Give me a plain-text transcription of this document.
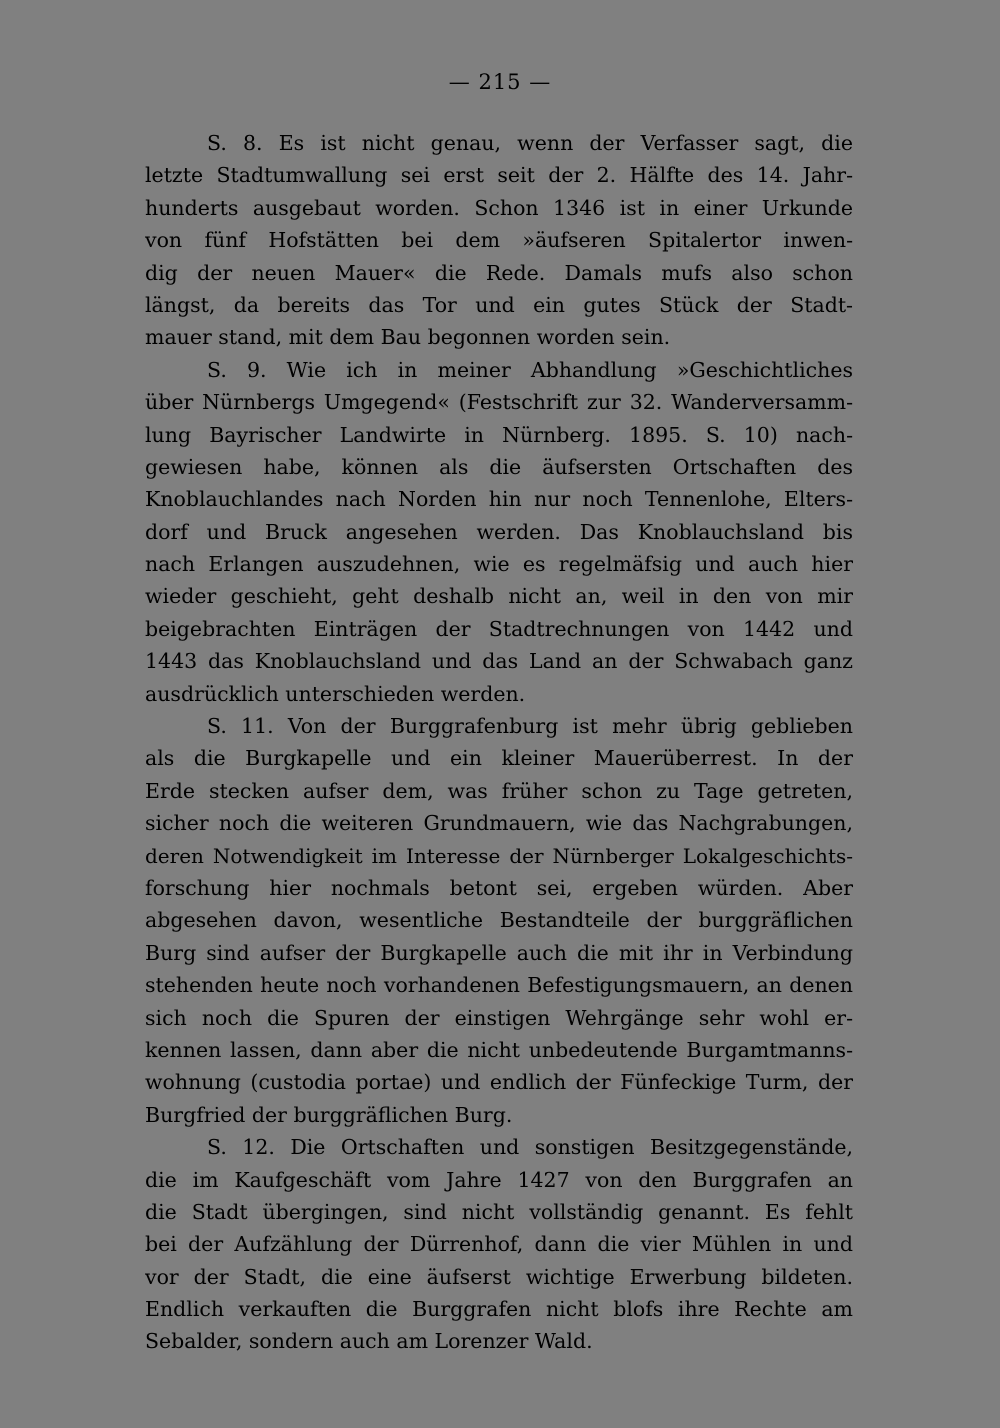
— 215 —
S. 8. Es ist nicht genau, wenn der Verfasser sagt, die
letzte Stadtumwallung sei erst seit der 2. Hälfte des 14. Jahr-
hunderts ausgebaut worden. Schon 1346 ist in einer Urkunde
von fünf Hofstätten bei dem »äufseren Spitalertor inwen-
dig der neuen Mauer« die Rede. Damals mufs also schon
längst, da bereits das Tor und ein gutes Stück der Stadt-
mauer stand, mit dem Bau begonnen worden sein.
S. 9. Wie ich in meiner Abhandlung »Geschichtliches
über Nürnbergs Umgegend« (Festschrift zur 32. Wanderversamm-
lung Bayrischer Landwirte in Nürnberg. 1895. S. 10) nach-
gewiesen habe, können als die äufsersten Ortschaften des
Knoblauchlandes nach Norden hin nur noch Tennenlohe, Elters-
dorf und Bruck angesehen werden. Das Knoblauchsland bis
nach Erlangen auszudehnen, wie es regelmäfsig und auch hier
wieder geschieht, geht deshalb nicht an, weil in den von mir
beigebrachten Einträgen der Stadtrechnungen von 1442 und
1443 das Knoblauchsland und das Land an der Schwabach ganz
ausdrücklich unterschieden werden.
S. 11. Von der Burggrafenburg ist mehr übrig geblieben
als die Burgkapelle und ein kleiner Mauerüberrest. In der
Erde stecken aufser dem, was früher schon zu Tage getreten,
sicher noch die weiteren Grundmauern, wie das Nachgrabungen,
deren Notwendigkeit im Interesse der Nürnberger Lokalgeschichts-
forschung hier nochmals betont sei, ergeben würden. Aber
abgesehen davon, wesentliche Bestandteile der burggräflichen
Burg sind aufser der Burgkapelle auch die mit ihr in Verbindung
stehenden heute noch vorhandenen Befestigungsmauern, an denen
sich noch die Spuren der einstigen Wehrgänge sehr wohl er-
kennen lassen, dann aber die nicht unbedeutende Burgamtmanns-
wohnung (custodia portae) und endlich der Fünfeckige Turm, der
Burgfried der burggräflichen Burg.
S. 12. Die Ortschaften und sonstigen Besitzgegenstände,
die im Kaufgeschäft vom Jahre 1427 von den Burggrafen an
die Stadt übergingen, sind nicht vollständig genannt. Es fehlt
bei der Aufzählung der Dürrenhof, dann die vier Mühlen in und
vor der Stadt, die eine äufserst wichtige Erwerbung bildeten.
Endlich verkauften die Burggrafen nicht blofs ihre Rechte am
Sebalder, sondern auch am Lorenzer Wald.
